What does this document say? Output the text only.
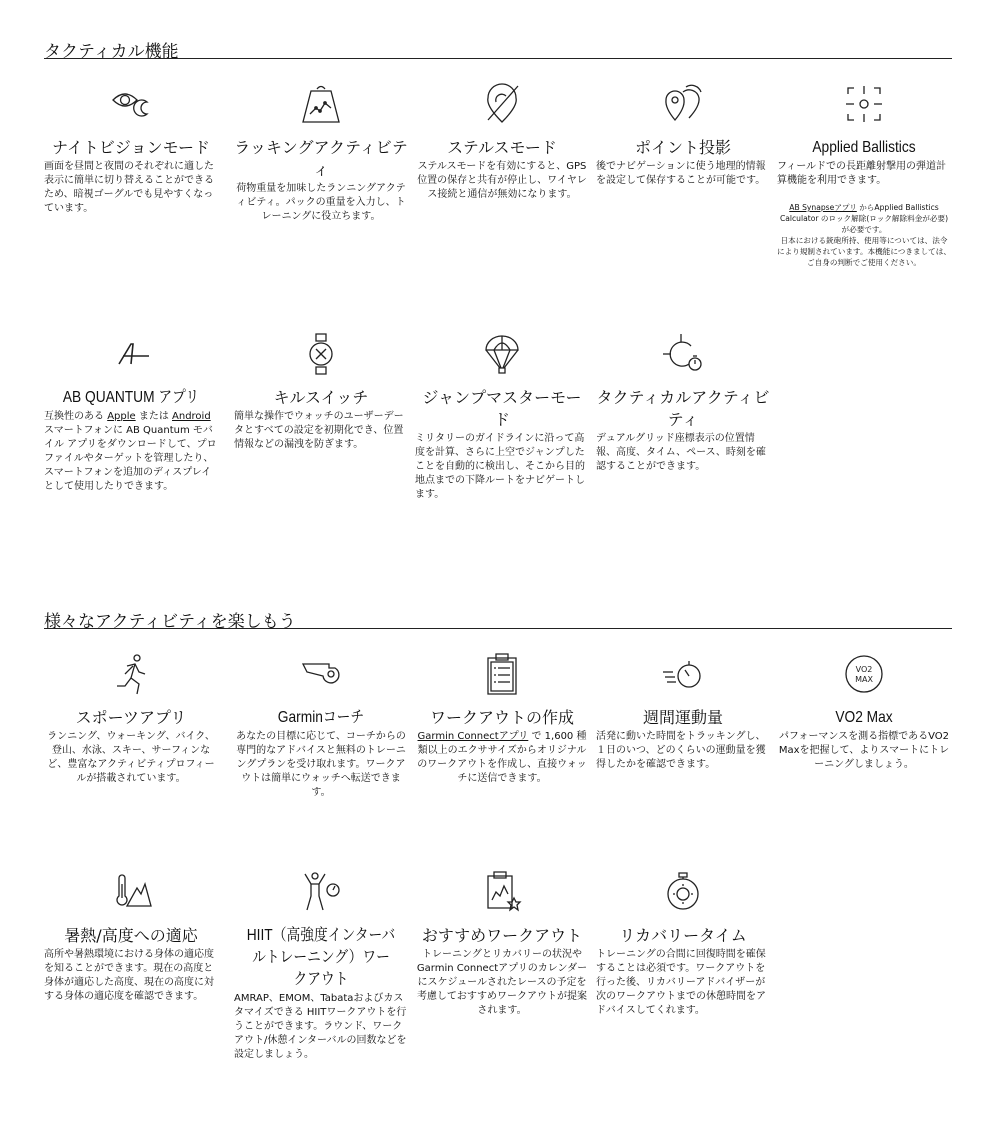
タクティカル機能
ナイトビジョンモード
画面を昼間と夜間のそれぞれに適した表示に簡単に切り替えることができるため、暗視ゴーグルでも見やすくなっています。
ラッキングアクティビティ
荷物重量を加味したランニングアクティビティ。パックの重量を入力し、トレーニングに役立ちます。
ステルスモード
ステルスモードを有効にすると、GPS位置の保存と共有が停止し、ワイヤレス接続と通信が無効になります。
ポイント投影
後でナビゲーションに使う地理的情報を設定して保存することが可能です。
Applied Ballistics
フィールドでの長距離射撃用の弾道計算機能を利用できます。
AB Synapseアプリ からApplied Ballistics Calculator のロック解除(ロック解除料金が必要) が必要です。
日本における銃砲所持、使用等については、法令により規制されています。本機能につきましては、ご自身の判断でご使用ください。
AB QUANTUM アプリ
互換性のある Apple または Android スマートフォンに AB Quantum モバイル アプリをダウンロードして、プロファイルやターゲットを管理したり、スマートフォンを追加のディスプレイとして使用したりできます。
キルスイッチ
簡単な操作でウォッチのユーザーデータとすべての設定を初期化でき、位置情報などの漏洩を防ぎます。
ジャンプマスターモード
ミリタリーのガイドラインに沿って高度を計算、さらに上空でジャンプしたことを自動的に検出し、そこから目的地点までの下降ルートをナビゲートします。
タクティカルアクティビティ
デュアルグリッド座標表示の位置情報、高度、タイム、ペース、時刻を確認することができます。
様々なアクティビティを楽しもう
スポーツアプリ
ランニング、ウォーキング、バイク、登山、水泳、スキー、サーフィンなど、豊富なアクティビティプロフィールが搭載されています。
Garminコーチ
あなたの目標に応じて、コーチからの専門的なアドバイスと無料のトレーニングプランを受け取れます。ワークアウトは簡単にウォッチへ転送できます。
ワークアウトの作成
Garmin Connectアプリ で 1,600 種類以上のエクササイズからオリジナルのワークアウトを作成し、直接ウォッチに送信できます。
週間運動量
活発に動いた時間をトラッキングし、１日のいつ、どのくらいの運動量を獲得したかを確認できます。
VO2
MAX
VO2 Max
パフォーマンスを測る指標であるVO2 Maxを把握して、よりスマートにトレーニングしましょう。
暑熱/高度への適応
高所や暑熱環境における身体の適応度を知ることができます。現在の高度と身体が適応した高度、現在の高度に対する身体の適応度を確認できます。
HIIT（高強度インターバルトレーニング）ワークアウト
AMRAP、EMOM、Tabataおよびカスタマイズできる HIITワークアウトを行うことができます。ラウンド、ワークアウト/休憩インターバルの回数などを設定しましょう。
おすすめワークアウト
トレーニングとリカバリーの状況やGarmin Connectアプリのカレンダーにスケジュールされたレースの予定を考慮しておすすめワークアウトが提案されます。
リカバリータイム
トレーニングの合間に回復時間を確保することは必須です。ワークアウトを行った後、リカバリーアドバイザーが次のワークアウトまでの休憩時間をアドバイスしてくれます。
